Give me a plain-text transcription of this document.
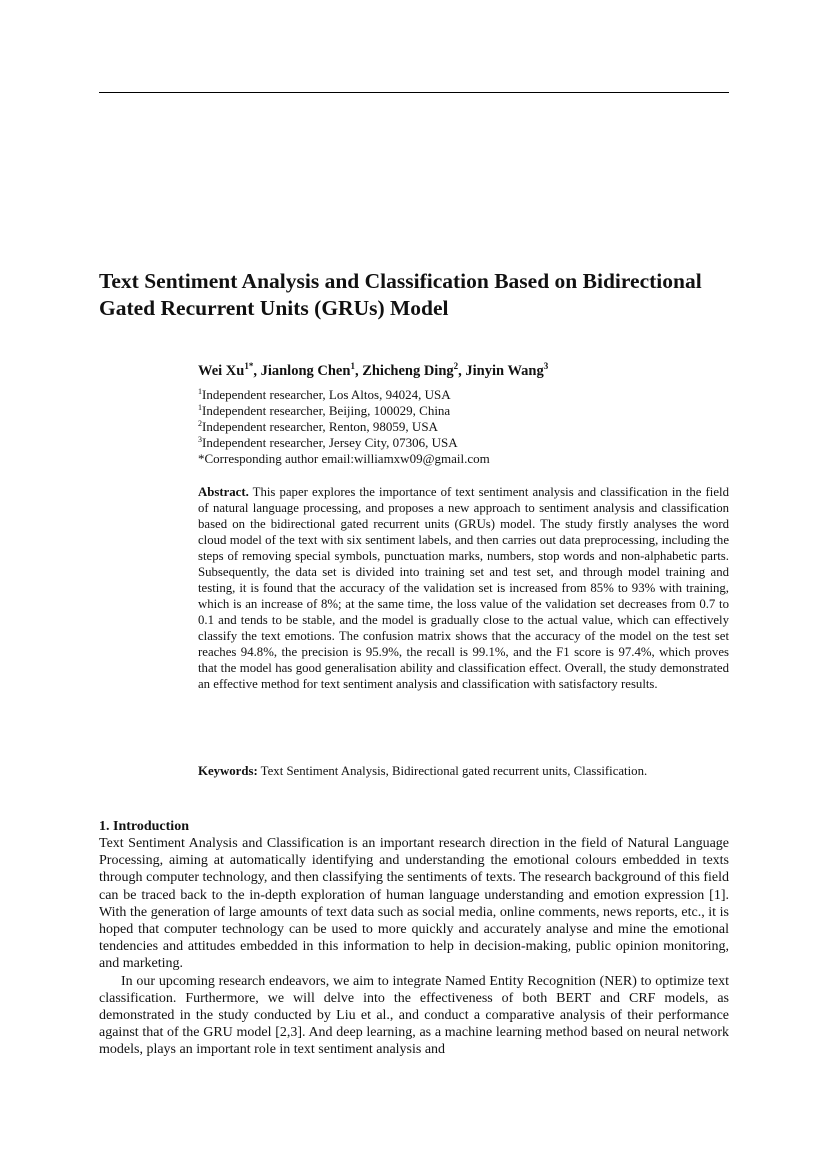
Text Sentiment Analysis and Classification Based on Bidirectional Gated Recurrent Units (GRUs) Model
Wei $Xu^{1*}$, Jianlong Chen$^1$, Zhicheng Ding$^2$, Jinyin Wang$^3$
$^1$Independent researcher, Los Altos, 94024, USA
$^1$Independent researcher, Beijing, 100029, China
$^2$Independent researcher, Renton, 98059, USA
$^3$Independent researcher, Jersey City, 07306, USA
*Corresponding author email:williamxw09@gmail.com

Abstract. This paper explores the importance of text sentiment analysis and classification in the field of natural language processing, and proposes a new approach to sentiment analysis and classification based on the bidirectional gated recurrent units (GRUs) model. The study firstly analyses the word cloud model of the text with six sentiment labels, and then carries out data preprocessing, including the steps of removing special symbols, punctuation marks, numbers, stop words and non-alphabetic parts. Subsequently, the data set is divided into training set and test set, and through model training and testing, it is found that the accuracy of the validation set is increased from 85% to 93% with training, which is an increase of 8%; at the same time, the loss value of the validation set decreases from 0.7 to 0.1 and tends to be stable, and the model is gradually close to the actual value, which can effectively classify the text emotions. The confusion matrix shows that the accuracy of the model on the test set reaches 94.8%, the precision is 95.9%, the recall is 99.1%, and the F1 score is 97.4%, which proves that the model has good generalisation ability and classification effect. Overall, the study demonstrated an effective method for text sentiment analysis and classification with satisfactory results.

Keywords: Text Sentiment Analysis, Bidirectional gated recurrent units, Classification.

1. Introduction

Text Sentiment Analysis and Classification is an important research direction in the field of Natural Language Processing, aiming at automatically identifying and understanding the emotional colours embedded in texts through computer technology, and then classifying the sentiments of texts. The research background of this field can be traced back to the in-depth exploration of human language understanding and emotion expression [1]. With the generation of large amounts of text data such as social media, online comments, news reports, etc., it is hoped that computer technology can be used to more quickly and accurately analyse and mine the emotional tendencies and attitudes embedded in this information to help in decision-making, public opinion monitoring, and marketing.

In our upcoming research endeavors, we aim to integrate Named Entity Recognition (NER) to optimize text classification. Furthermore, we will delve into the effectiveness of both BERT and CRF models, as demonstrated in the study conducted by Liu et al., and conduct a comparative analysis of their performance against that of the GRU model [2,3]. And deep learning, as a machine learning method based on neural network models, plays an important role in text sentiment analysis and
